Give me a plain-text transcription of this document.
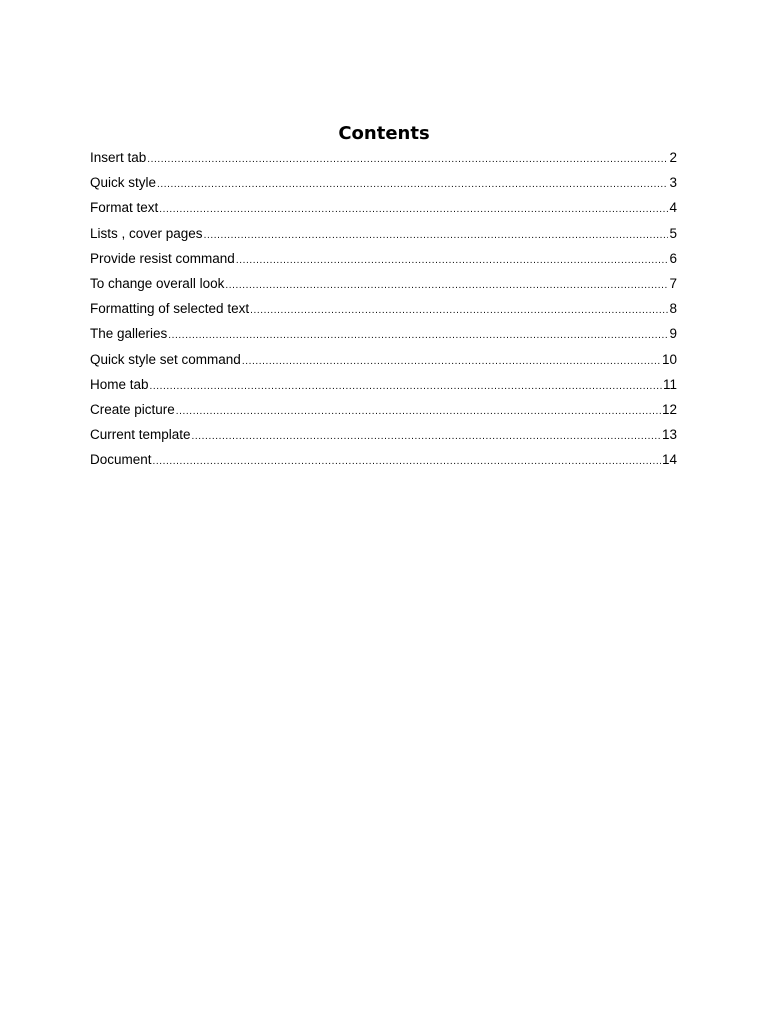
Contents
Insert tab .....	2
Quick style .....	3
Format text .....	4
Lists , cover pages .....	5
Provide resist command .....	6
To change overall look .....	7
Formatting of selected text .....	8
The galleries .....	9
Quick style set command .....	10
Home tab .....	11
Create picture .....	12
Current template .....	13
Document .....	14
